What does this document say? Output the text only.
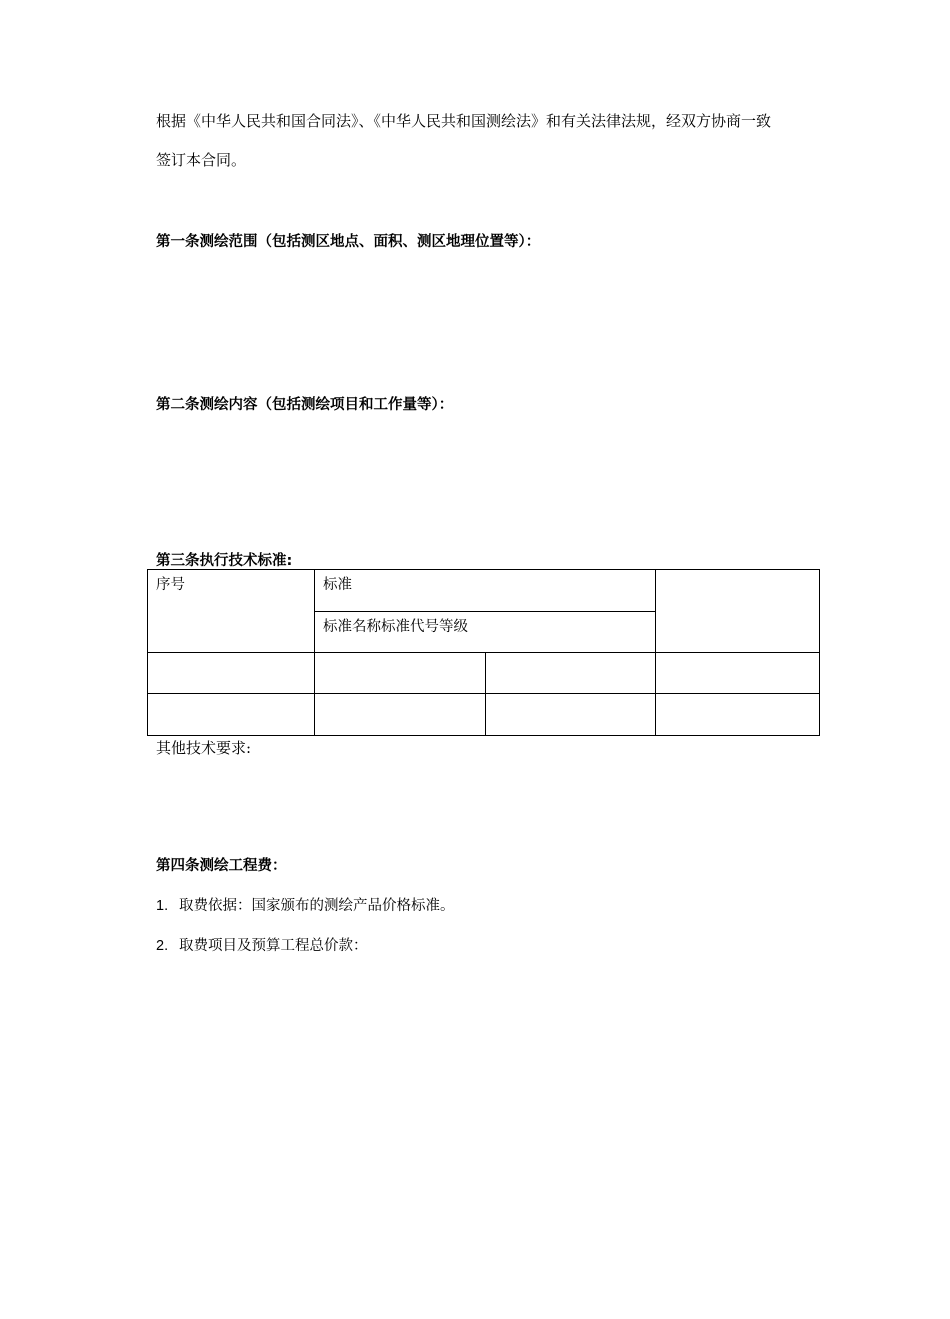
根据《中华人民共和国合同法》、《中华人民共和国测绘法》和有关法律法规，经双方协商一致
签订本合同。
第一条测绘范围（包括测区地点、面积、测区地理位置等）：
第二条测绘内容（包括测绘项目和工作量等）：
第三条执行技术标准:
序号	标准		
	标准名称标准代号等级		

其他技术要求:
第四条测绘工程费：
1. 取费依据：国家颁布的测绘产品价格标准。
2. 取费项目及预算工程总价款：
